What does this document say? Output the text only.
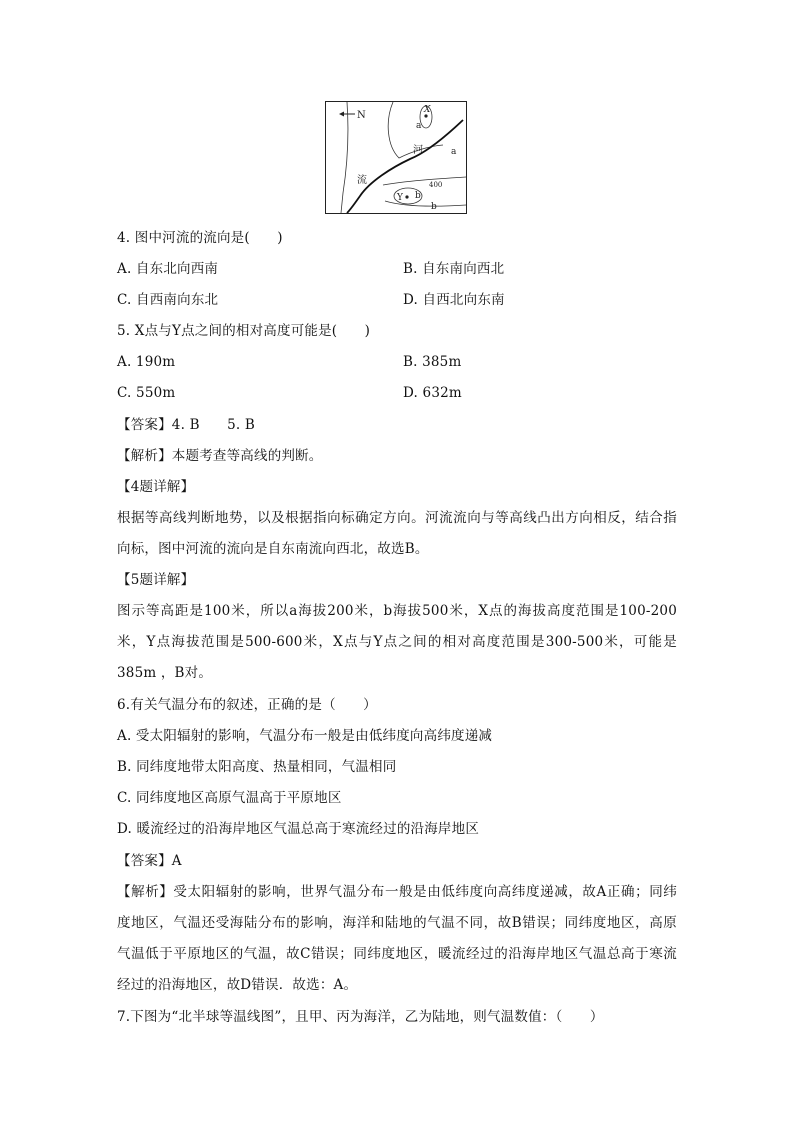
N	X
a
a
河
流	400
Y b
b
4. 图中河流的流向是(　　)
A. 自东北向西南	B. 自东南向西北
C. 自西南向东北	D. 自西北向东南
5. X点与Y点之间的相对高度可能是(　　)
A. 190m	B. 385m
C. 550m	D. 632m
【答案】4. B　　5. B
【解析】本题考查等高线的判断。
【4题详解】
根据等高线判断地势，以及根据指向标确定方向。河流流向与等高线凸出方向相反，结合指
向标，图中河流的流向是自东南流向西北，故选B。
【5题详解】
图示等高距是100米，所以a海拔200米，b海拔500米，X点的海拔高度范围是100-200
米，Y点海拔范围是500-600米，X点与Y点之间的相对高度范围是300-500米，可能是
385m ，B对。
6.有关气温分布的叙述，正确的是（　　）
A. 受太阳辐射的影响，气温分布一般是由低纬度向高纬度递减
B. 同纬度地带太阳高度、热量相同，气温相同
C. 同纬度地区高原气温高于平原地区
D. 暖流经过的沿海岸地区气温总高于寒流经过的沿海岸地区
【答案】A
【解析】受太阳辐射的影响，世界气温分布一般是由低纬度向高纬度递减，故A正确；同纬
度地区，气温还受海陆分布的影响，海洋和陆地的气温不同，故B错误；同纬度地区，高原
气温低于平原地区的气温，故C错误；同纬度地区，暖流经过的沿海岸地区气温总高于寒流
经过的沿海地区，故D错误．故选：A。
7.下图为“北半球等温线图”，且甲、丙为海洋，乙为陆地，则气温数值：（　　）
